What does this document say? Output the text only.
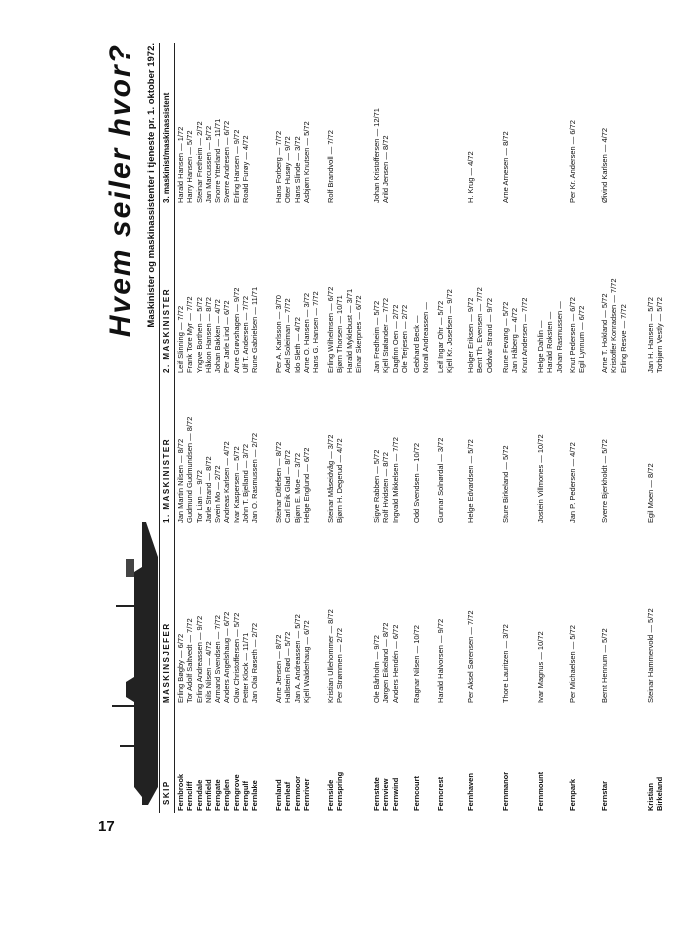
17
Hvem seiler hvor? Maskinister og maskinassistenter i tjeneste pr. 1. oktober 1972.
SKIP
MASKINSJEFER
1. MASKINISTER
2. MASKINISTER
3. maskinist/maskinassistent
Fernbrook Ferncliff Ferndale Fernfield Ferngate Fernglen Ferngrove Ferngulf Fernlake
Erling Bøgby — 6/72 Tor Adolf Saltvedt — 7/72 Erling Andreassen — 9/72 Nils Nilsen — 4/72 Armand Svendsen — 7/72 Anders Angelshaug — 6/72 Olav Christoffersen — 5/72 Petter Klock — 11/71 Jan Olai Røseth — 2/72
Jan Martin Nilsen — 8/72 Gudmund Gudmundsen — 8/72 Tor Lian — 9/72 Jarle Strand — 8/72 Svein Mo — 2/72 Andreas Karlsen — 4/72 Ivar Kaspersen — 5/72 John T. Bjelland — 3/72 Jan O. Rasmussen — 2/72
Leif Slinning — 7/72 Frank Tore Myr — 7/72 Yngve Borthen — 5/72 Håkon Hansen — 8/72 Johan Bakken — 4/72 Per Jarle Lind — 6/72 Arne Grøvshagen — 9/72 Ulf T. Andersen — 7/72 Rune Gabrielsen — 11/71
Harald Hansen — 1/72 Harry Hansen — 5/72 Steinar Fretheim — 2/72 Jan Marcussen — 5/72 Snorre Ytterland — 11/71 Sverre Andresen — 6/72 Erling Hansen — 9/72 Roald Furøy — 4/72
Fernland Fernleaf Fernmoor Fernriver
Arne Jensen — 8/72 Hallstein Rød — 5/72 Jan A. Andreassen — 5/72 Kjell Walderhaug — 6/72
Steinar Ditlefsen — 8/72 Carl Erik Glad — 8/72 Bjørn E. Moe — 3/72 Helge Englund — 6/72
Per A. Karlsson — 3/70 Adel Soleiman — 7/72 Ido Sleth — 4/72 Arne O. Hansen — 3/72 Hans G. Hansen — 7/72
Hans Forberg — 7/72 Otter Husøy — 9/72 Hans Slinde — 3/72 Asbjørn Knutsen — 5/72
Fernside Fernspring
Kristian Ullehommer — 8/72 Per Strømmen — 2/72
Steinar Måseidvåg — 3/72 Bjørn H. Degerud — 4/72
Erling Wilhelmsen — 6/72 Bjørn Thorsen — 10/71 Harald Myklebust — 3/71 Einar Skerpnes — 6/72
Rolf Brandvoll — 7/72
Fernstate Fernview Fernwind
Ole Bårholm — 9/72 Jørgen Eikeland — 8/72 Anders Hendén — 6/72
Sigve Rabben — 5/72 Rolf Hvidsten — 8/72 Ingvald Mikkelsen — 7/72
Jan Fredheim — 5/72 Kjell Stølander — 7/72 Dagfinn Oen — 2/72 Ole Terjesen — 2/72
Johan Kristoffersen — 12/71 Arild Jensen — 8/72
Ferncourt
Ragnar Nilsen — 10/72
Odd Svendsen — 10/72
Gebhard Beck — Norall Andreassen —
Ferncrest
Harald Halvorsen — 9/72
Gunnar Solnørdal — 3/72
Leif Ingar Ohr — 5/72 Kjell Kr. Josefsen — 9/72
Fernhaven
Per Aksel Sørensen — 7/72
Helge Edvardsen — 5/72
Holger Eriksen — 9/72 Bent Th. Evensen — 7/72 Oddvar Strand — 9/72
H. Krug — 4/72
Fernmanor
Thore Lauritzen — 3/72
Sture Birkeland — 5/72
Rune Fevang — 5/72 Jan Håberg — 4/72 Knut Andersen — 7/72
Arne Arnesen — 8/72
Fernmount
Ivar Magnus — 10/72
Jostein Villmones — 10/72
Helge Dahlin — Harald Roksten — Johan Rasmussen —
Fernpark
Per Michaelsen — 5/72
Jan P. Pedersen — 4/72
Knut Pedersen — 6/72 Egil Lynnum — 6/72
Per Kr. Andersen — 6/72
Fernstar
Bernt Hennum — 5/72
Sverre Bjerkholdt — 5/72
Arne T. Hokland — 5/72 Kristoffer Konradsen — 7/72 Erling Resve — 7/72
Øivind Karlsen — 4/72
Kristian Birkeland
Steinar Hammervold — 5/72
Egil Moen — 8/72
Jan H. Hansen — 5/72 Torbjørn Vestly — 5/72
